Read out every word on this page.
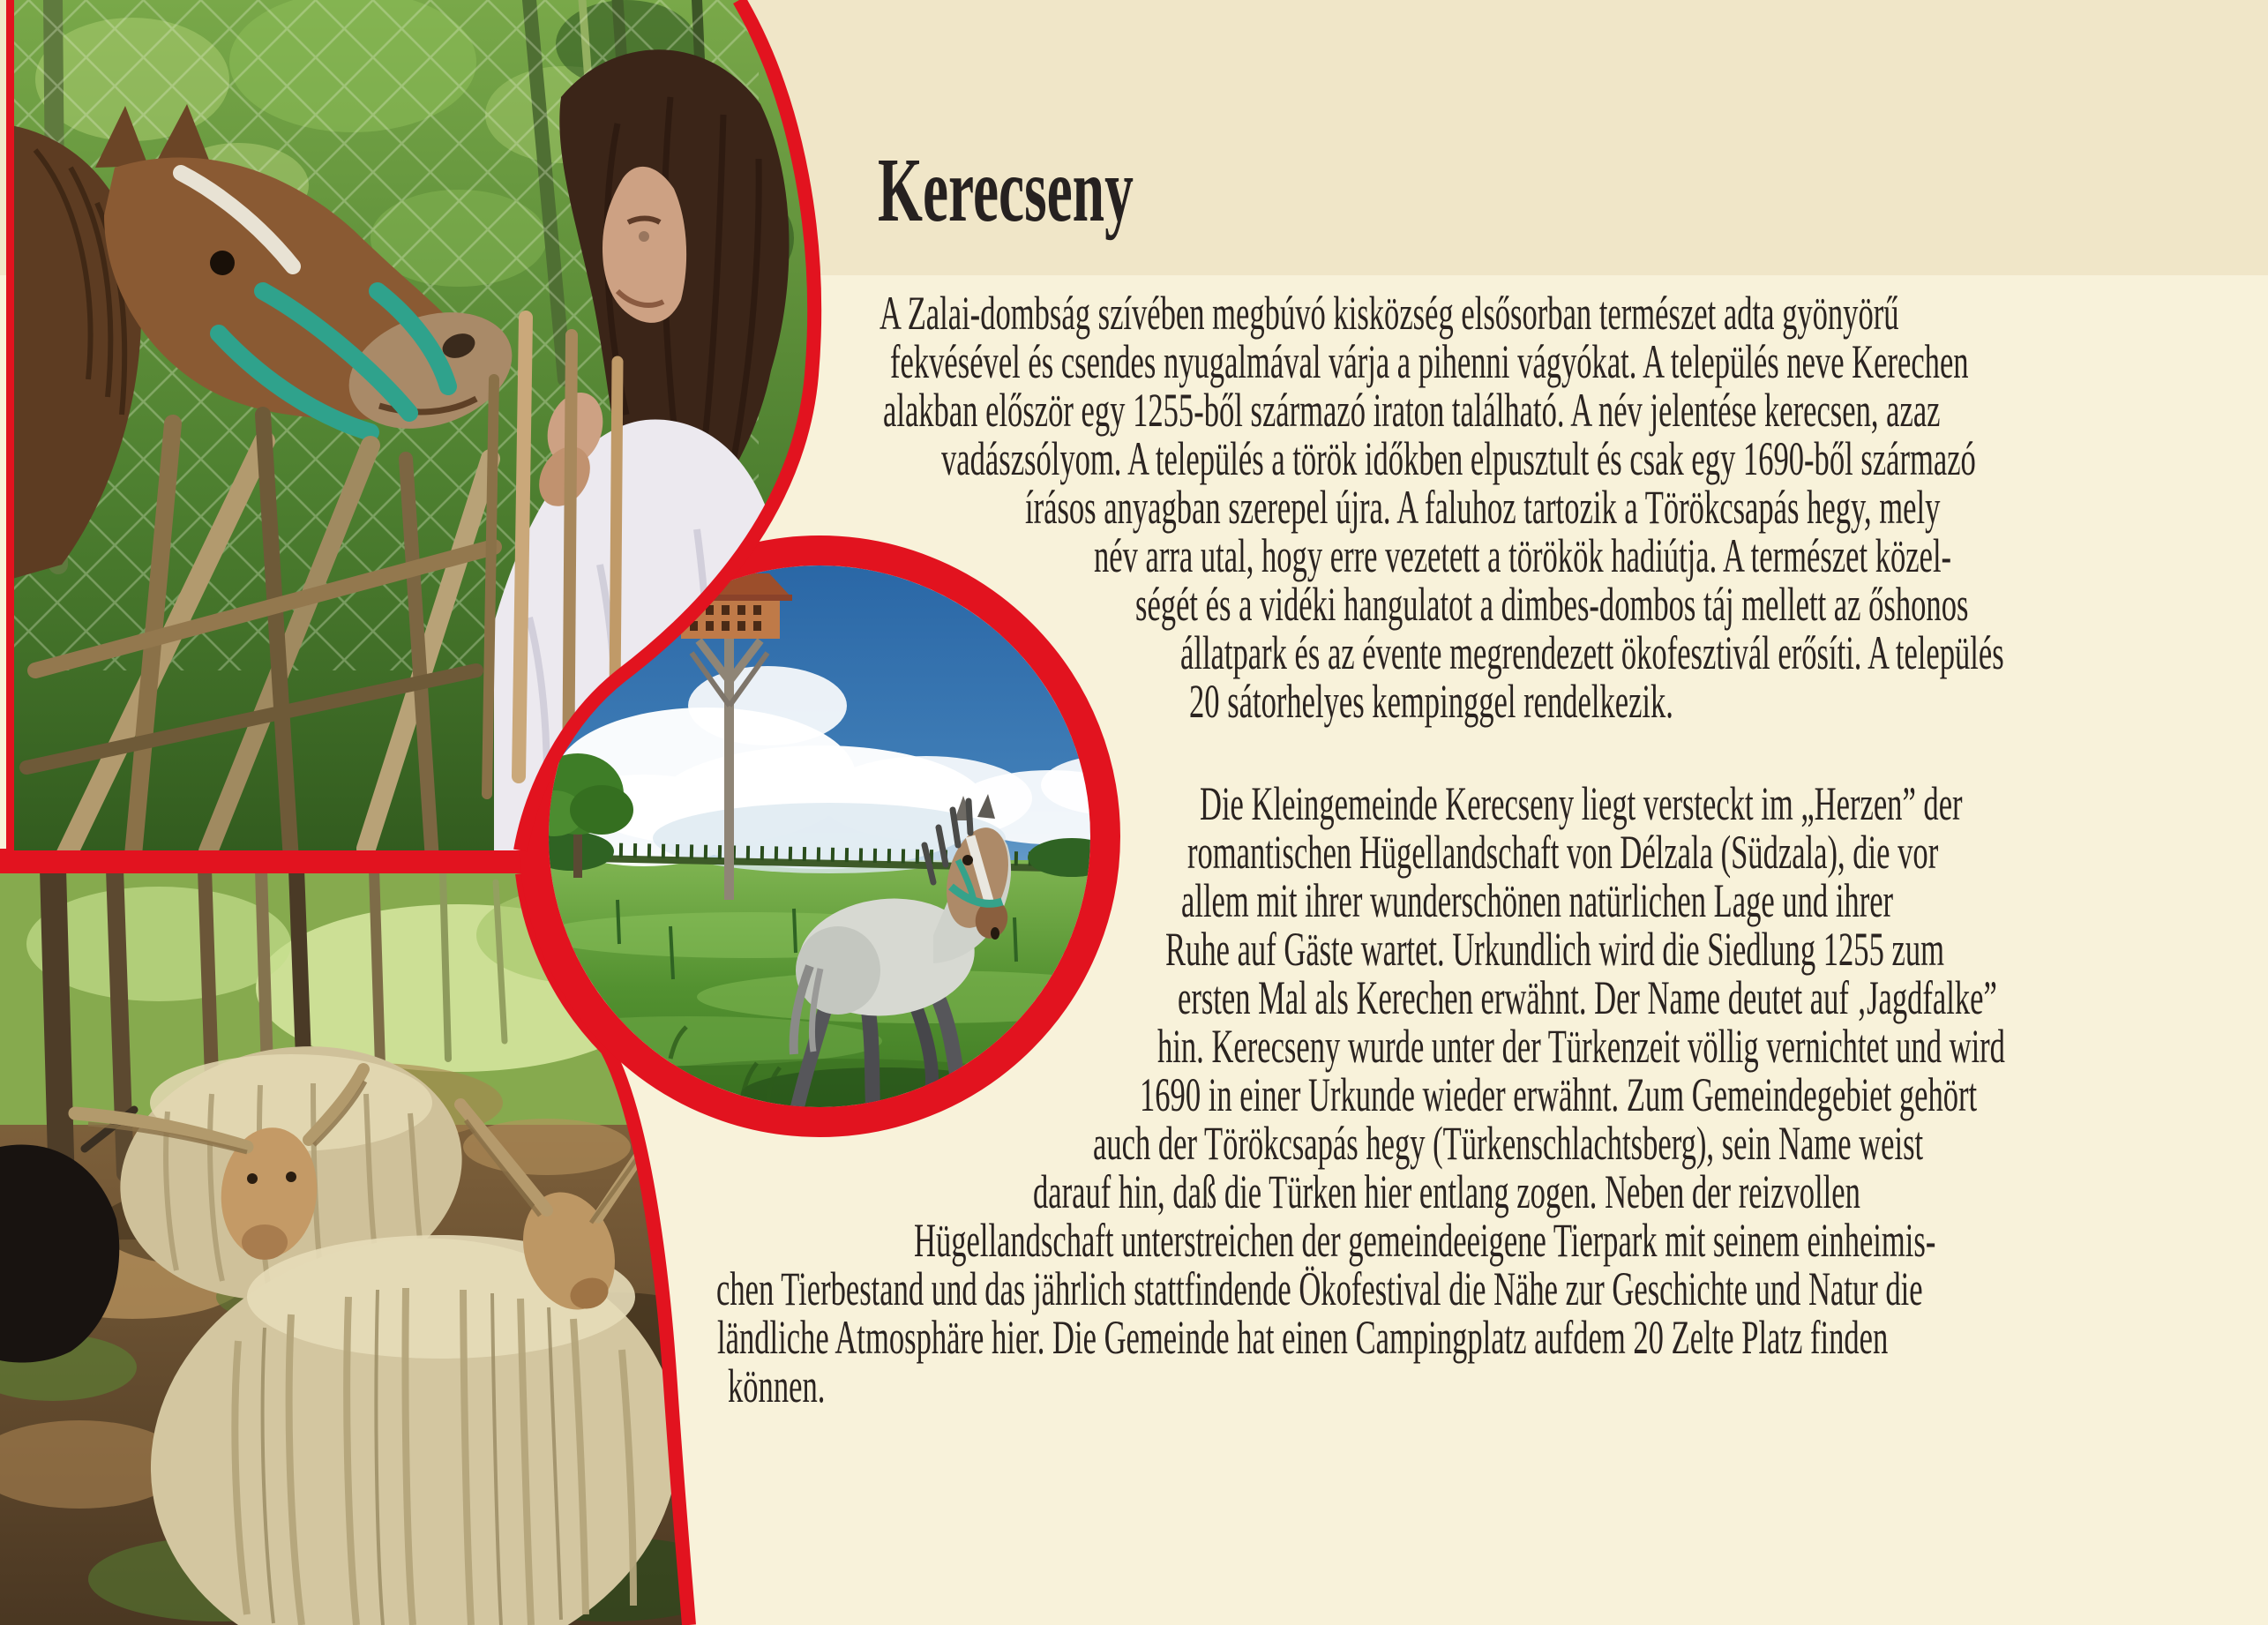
Kerecseny
A Zalai-dombság szívében megbúvó kisközség elsősorban természet adta gyönyörű
fekvésével és csendes nyugalmával várja a pihenni vágyókat. A település neve Kerechen
alakban először egy 1255-ből származó iraton található. A név jelentése kerecsen, azaz
vadászsólyom. A település a török időkben elpusztult és csak egy 1690-ből származó
írásos anyagban szerepel újra. A faluhoz tartozik a Törökcsapás hegy, mely
név arra utal, hogy erre vezetett a törökök hadiútja. A természet közel-
ségét és a vidéki hangulatot a dimbes-dombos táj mellett az őshonos
állatpark és az évente megrendezett ökofesztivál erősíti. A település
20 sátorhelyes kempinggel rendelkezik.
Die Kleingemeinde Kerecseny liegt versteckt im „Herzen” der
romantischen Hügellandschaft von Délzala (Südzala), die vor
allem mit ihrer wunderschönen natürlichen Lage und ihrer
Ruhe auf Gäste wartet. Urkundlich wird die Siedlung 1255 zum
ersten Mal als Kerechen erwähnt. Der Name deutet auf ‚Jagdfalke”
hin. Kerecseny wurde unter der Türkenzeit völlig vernichtet und wird
1690 in einer Urkunde wieder erwähnt. Zum Gemeindegebiet gehört
auch der Törökcsapás hegy (Türkenschlachtsberg), sein Name weist
darauf hin, daß die Türken hier entlang zogen. Neben der reizvollen
Hügellandschaft unterstreichen der gemeindeeigene Tierpark mit seinem einheimis-
chen Tierbestand und das jährlich stattfindende Ökofestival die Nähe zur Geschichte und Natur die
ländliche Atmosphäre hier. Die Gemeinde hat einen Campingplatz aufdem 20 Zelte Platz finden
können.
